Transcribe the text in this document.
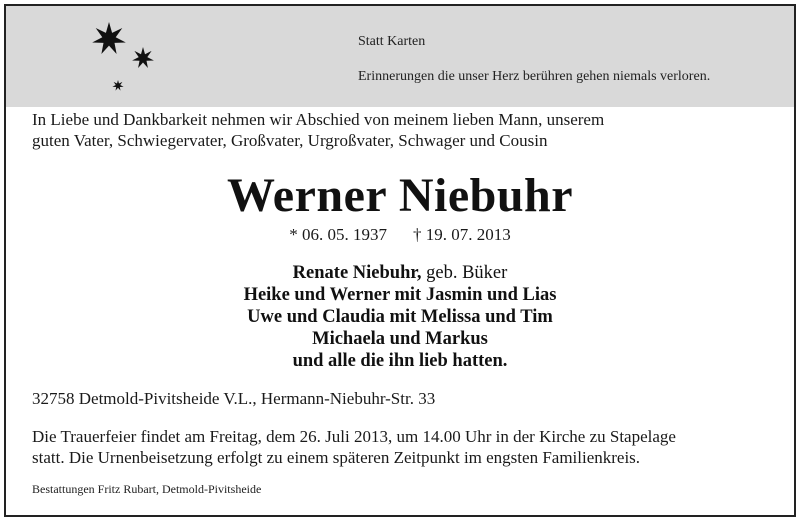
Statt Karten
Erinnerungen die unser Herz berühren gehen niemals verloren.
In Liebe und Dankbarkeit nehmen wir Abschied von meinem lieben Mann, unserem
guten Vater, Schwiegervater, Großvater, Urgroßvater, Schwager und Cousin
Werner Niebuhr
* 06. 05. 1937 † 19. 07. 2013
Renate Niebuhr, geb. Büker
Heike und Werner mit Jasmin und Lias
Uwe und Claudia mit Melissa und Tim
Michaela und Markus
und alle die ihn lieb hatten.
32758 Detmold-Pivitsheide V.L., Hermann-Niebuhr-Str. 33
Die Trauerfeier findet am Freitag, dem 26. Juli 2013, um 14.00 Uhr in der Kirche zu Stapelage
statt. Die Urnenbeisetzung erfolgt zu einem späteren Zeitpunkt im engsten Familienkreis.
Bestattungen Fritz Rubart, Detmold-Pivitsheide
